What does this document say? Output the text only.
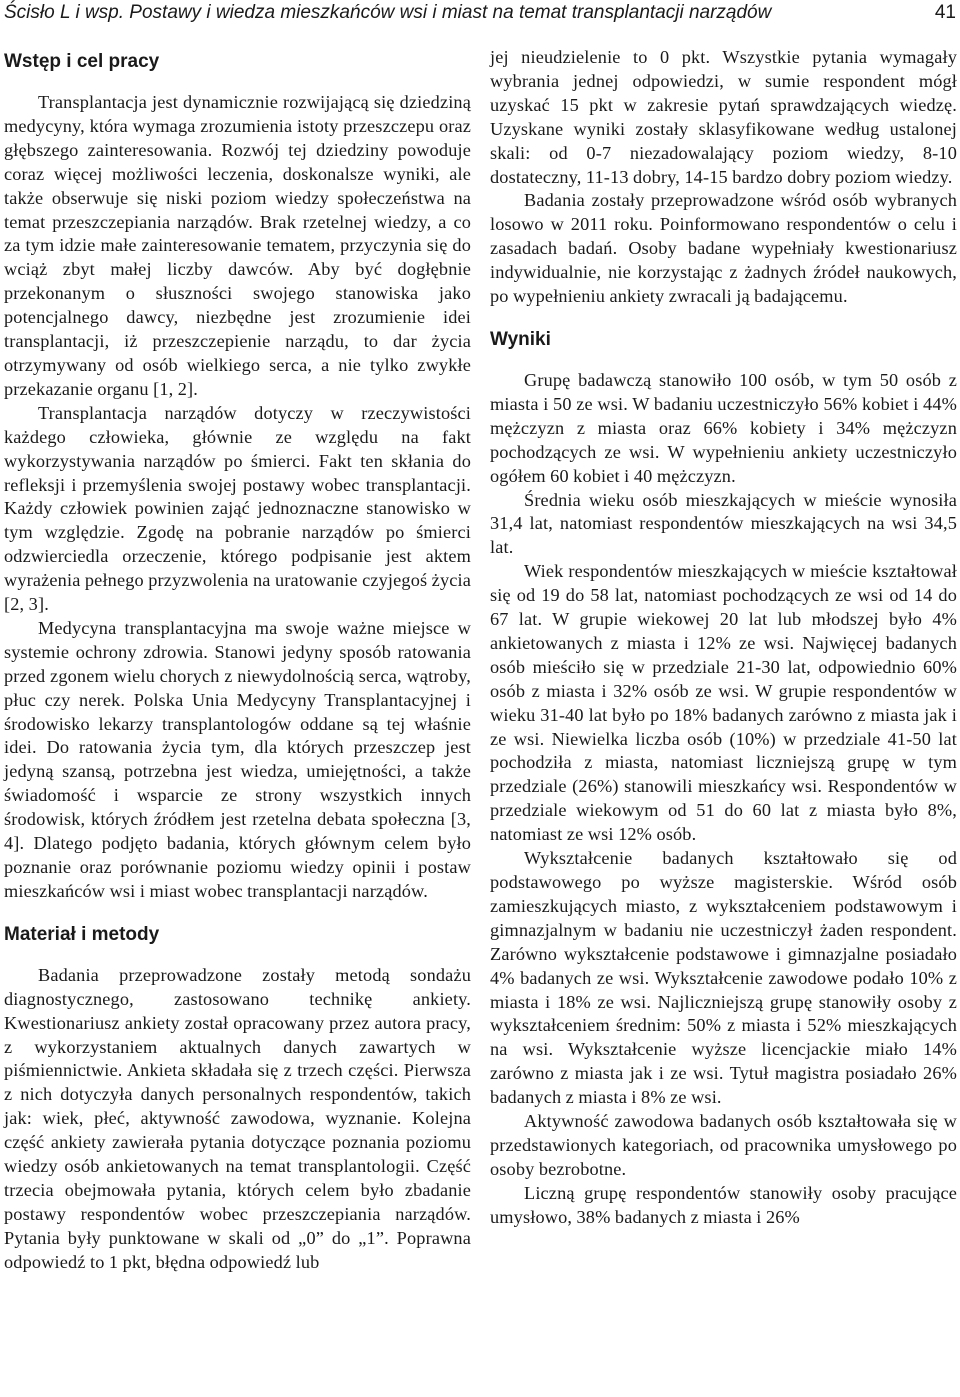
Ścisło L i wsp. Postawy i wiedza mieszkańców wsi i miast na temat transplantacji narządów	41
Wstęp i cel pracy

Transplantacja jest dynamicznie rozwijającą się dziedziną medycyny, która wymaga zrozumienia istoty przeszczepu oraz głębszego zainteresowania. Rozwój tej dziedziny powoduje coraz więcej możliwości leczenia, doskonalsze wyniki, ale także obserwuje się niski poziom wiedzy społeczeństwa na temat przeszczepiania narządów. Brak rzetelnej wiedzy, a co za tym idzie małe zainteresowanie tematem, przyczynia się do wciąż zbyt małej liczby dawców. Aby być dogłębnie przekonanym o słuszności swojego stanowiska jako potencjalnego dawcy, niezbędne jest zrozumienie idei transplantacji, iż przeszczepienie narządu, to dar życia otrzymywany od osób wielkiego serca, a nie tylko zwykłe przekazanie organu [1, 2].

Transplantacja narządów dotyczy w rzeczywistości każdego człowieka, głównie ze względu na fakt wykorzystywania narządów po śmierci. Fakt ten skłania do refleksji i przemyślenia swojej postawy wobec transplantacji. Każdy człowiek powinien zająć jednoznaczne stanowisko w tym względzie. Zgodę na pobranie narządów po śmierci odzwierciedla orzeczenie, którego podpisanie jest aktem wyrażenia pełnego przyzwolenia na uratowanie czyjegoś życia [2, 3].

Medycyna transplantacyjna ma swoje ważne miejsce w systemie ochrony zdrowia. Stanowi jedyny sposób ratowania przed zgonem wielu chorych z niewydolnością serca, wątroby, płuc czy nerek. Polska Unia Medycyny Transplantacyjnej i środowisko lekarzy transplantologów oddane są tej właśnie idei. Do ratowania życia tym, dla których przeszczep jest jedyną szansą, potrzebna jest wiedza, umiejętności, a także świadomość i wsparcie ze strony wszystkich innych środowisk, których źródłem jest rzetelna debata społeczna [3, 4]. Dlatego podjęto badania, których głównym celem było poznanie oraz porównanie poziomu wiedzy opinii i postaw mieszkańców wsi i miast wobec transplantacji narządów.

Materiał i metody

Badania przeprowadzone zostały metodą sondażu diagnostycznego, zastosowano technikę ankiety. Kwestionariusz ankiety został opracowany przez autora pracy, z wykorzystaniem aktualnych danych zawartych w piśmiennictwie. Ankieta składała się z trzech części. Pierwsza z nich dotyczyła danych personalnych respondentów, takich jak: wiek, płeć, aktywność zawodowa, wyznanie. Kolejna część ankiety zawierała pytania dotyczące poznania poziomu wiedzy osób ankietowanych na temat transplantologii. Część trzecia obejmowała pytania, których celem było zbadanie postawy respondentów wobec przeszczepiania narządów. Pytania były punktowane w skali od „0” do „1”. Poprawna odpowiedź to 1 pkt, błędna odpowiedź lub

jej nieudzielenie to 0 pkt. Wszystkie pytania wymagały wybrania jednej odpowiedzi, w sumie respondent mógł uzyskać 15 pkt w zakresie pytań sprawdzających wiedzę. Uzyskane wyniki zostały sklasyfikowane według ustalonej skali: od 0-7 niezadowalający poziom wiedzy, 8-10 dostateczny, 11-13 dobry, 14-15 bardzo dobry poziom wiedzy.

Badania zostały przeprowadzone wśród osób wybranych losowo w 2011 roku. Poinformowano respondentów o celu i zasadach badań. Osoby badane wypełniały kwestionariusz indywidualnie, nie korzystając z żadnych źródeł naukowych, po wypełnieniu ankiety zwracali ją badającemu.

Wyniki

Grupę badawczą stanowiło 100 osób, w tym 50 osób z miasta i 50 ze wsi. W badaniu uczestniczyło 56% kobiet i 44% mężczyzn z miasta oraz 66% kobiety i 34% mężczyzn pochodzących ze wsi. W wypełnieniu ankiety uczestniczyło ogółem 60 kobiet i 40 mężczyzn.

Średnia wieku osób mieszkających w mieście wynosiła 31,4 lat, natomiast respondentów mieszkających na wsi 34,5 lat.

Wiek respondentów mieszkających w mieście kształtował się od 19 do 58 lat, natomiast pochodzących ze wsi od 14 do 67 lat. W grupie wiekowej 20 lat lub młodszej było 4% ankietowanych z miasta i 12% ze wsi. Najwięcej badanych osób mieściło się w przedziale 21-30 lat, odpowiednio 60% osób z miasta i 32% osób ze wsi. W grupie respondentów w wieku 31-40 lat było po 18% badanych zarówno z miasta jak i ze wsi. Niewielka liczba osób (10%) w przedziale 41-50 lat pochodziła z miasta, natomiast liczniejszą grupę w tym przedziale (26%) stanowili mieszkańcy wsi. Respondentów w przedziale wiekowym od 51 do 60 lat z miasta było 8%, natomiast ze wsi 12% osób.

Wykształcenie badanych kształtowało się od podstawowego po wyższe magisterskie. Wśród osób zamieszkujących miasto, z wykształceniem podstawowym i gimnazjalnym w badaniu nie uczestniczył żaden respondent. Zarówno wykształcenie podstawowe i gimnazjalne posiadało 4% badanych ze wsi. Wykształcenie zawodowe podało 10% z miasta i 18% ze wsi. Najliczniejszą grupę stanowiły osoby z wykształceniem średnim: 50% z miasta i 52% mieszkających na wsi. Wykształcenie wyższe licencjackie miało 14% zarówno z miasta jak i ze wsi. Tytuł magistra posiadało 26% badanych z miasta i 8% ze wsi.

Aktywność zawodowa badanych osób kształtowała się w przedstawionych kategoriach, od pracownika umysłowego po osoby bezrobotne.

Liczną grupę respondentów stanowiły osoby pracujące umysłowo, 38% badanych z miasta i 26%
